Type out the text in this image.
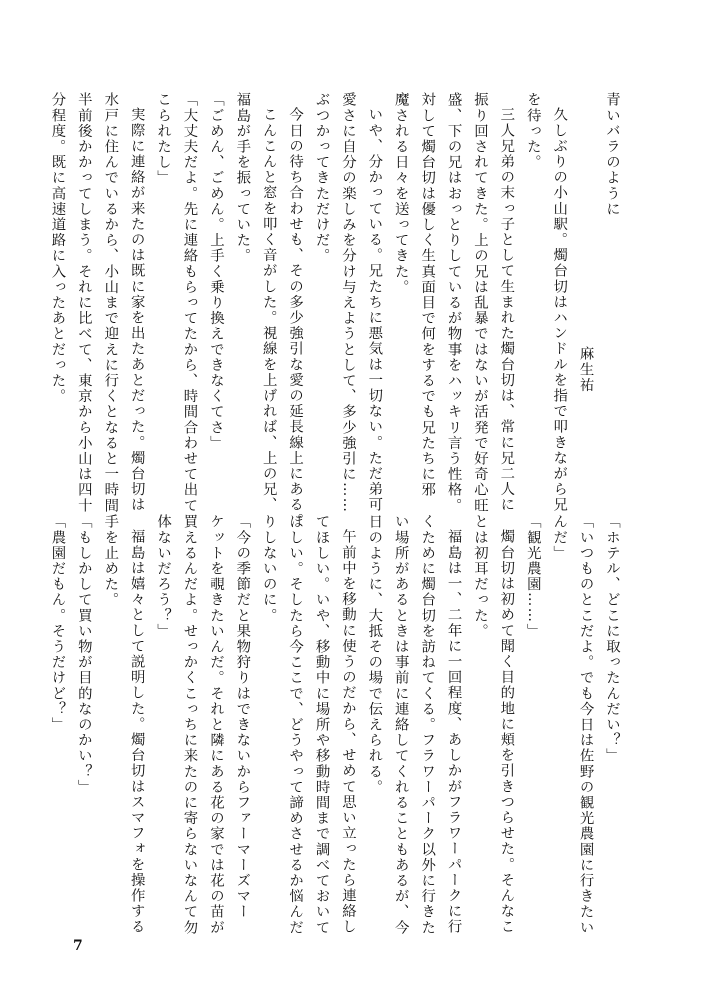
青いバラのように
麻生祐
久しぶりの小山駅。燭台切はハンドルを指で叩きながら兄
を待った。
三人兄弟の末っ子として生まれた燭台切は、常に兄二人に
振り回されてきた。上の兄は乱暴ではないが活発で好奇心旺
盛、下の兄はおっとりしているが物事をハッキリ言う性格。
対して燭台切は優しく生真面目で何をするでも兄たちに邪
魔される日々を送ってきた。
いや、分かっている。兄たちに悪気は一切ない。ただ弟可
愛さに自分の楽しみを分け与えようとして、多少強引に……
ぶつかってきただけだ。
今日の待ち合わせも、その多少強引な愛の延長線上にある。
こんこんと窓を叩く音がした。視線を上げれば、上の兄、
福島が手を振っていた。
「ごめん、ごめん。上手く乗り換えできなくてさ」
「大丈夫だよ。先に連絡もらってたから、時間合わせて出て
こられたし」
実際に連絡が来たのは既に家を出たあとだった。燭台切は
水戸に住んでいるから、小山まで迎えに行くとなると一時間
半前後かかってしまう。それに比べて、東京から小山は四十
分程度。既に高速道路に入ったあとだった。
「ホテル、どこに取ったんだい？」
「いつものとこだよ。でも今日は佐野の観光農園に行きたい
んだ」
「観光農園……」
燭台切は初めて聞く目的地に頬を引きつらせた。そんなこ
とは初耳だった。
福島は一、二年に一回程度、あしかがフラワーパークに行
くために燭台切を訪ねてくる。フラワーパーク以外に行きた
い場所があるときは事前に連絡してくれることもあるが、今
日のように、大抵その場で伝えられる。
午前中を移動に使うのだから、せめて思い立ったら連絡し
てほしい。いや、移動中に場所や移動時間まで調べておいて
ほしい。そしたら今ここで、どうやって諦めさせるか悩んだ
りしないのに。
「今の季節だと果物狩りはできないからファーマーズマー
ケットを覗きたいんだ。それと隣にある花の家では花の苗が
買えるんだよ。せっかくこっちに来たのに寄らないなんて勿
体ないだろう？」
福島は嬉々として説明した。燭台切はスマフォを操作する
手を止めた。
「もしかして買い物が目的なのかい？」
「農園だもん。そうだけど？」
7
